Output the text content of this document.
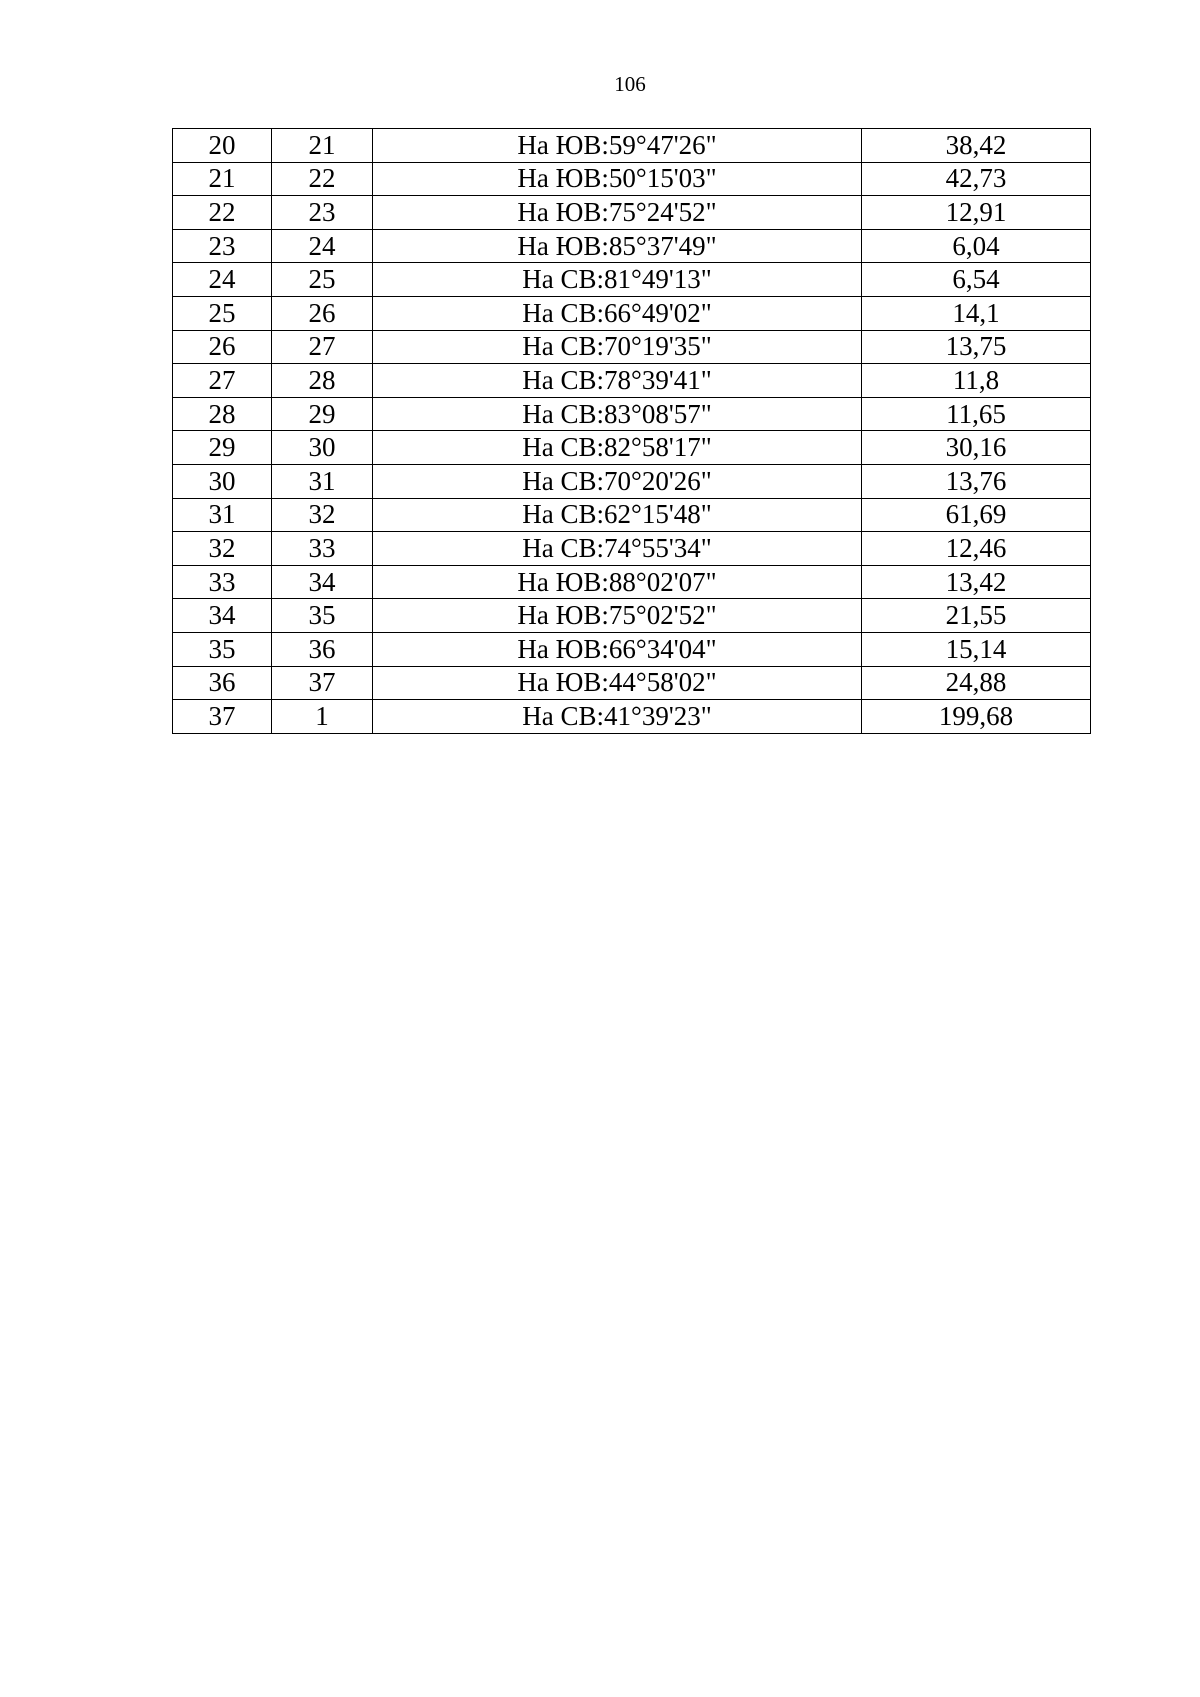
106
20	21	На ЮВ:59°47'26"	38,42
21	22	На ЮВ:50°15'03"	42,73
22	23	На ЮВ:75°24'52"	12,91
23	24	На ЮВ:85°37'49"	6,04
24	25	На СВ:81°49'13"	6,54
25	26	На СВ:66°49'02"	14,1
26	27	На СВ:70°19'35"	13,75
27	28	На СВ:78°39'41"	11,8
28	29	На СВ:83°08'57"	11,65
29	30	На СВ:82°58'17"	30,16
30	31	На СВ:70°20'26"	13,76
31	32	На СВ:62°15'48"	61,69
32	33	На СВ:74°55'34"	12,46
33	34	На ЮВ:88°02'07"	13,42
34	35	На ЮВ:75°02'52"	21,55
35	36	На ЮВ:66°34'04"	15,14
36	37	На ЮВ:44°58'02"	24,88
37	1	На СВ:41°39'23"	199,68
